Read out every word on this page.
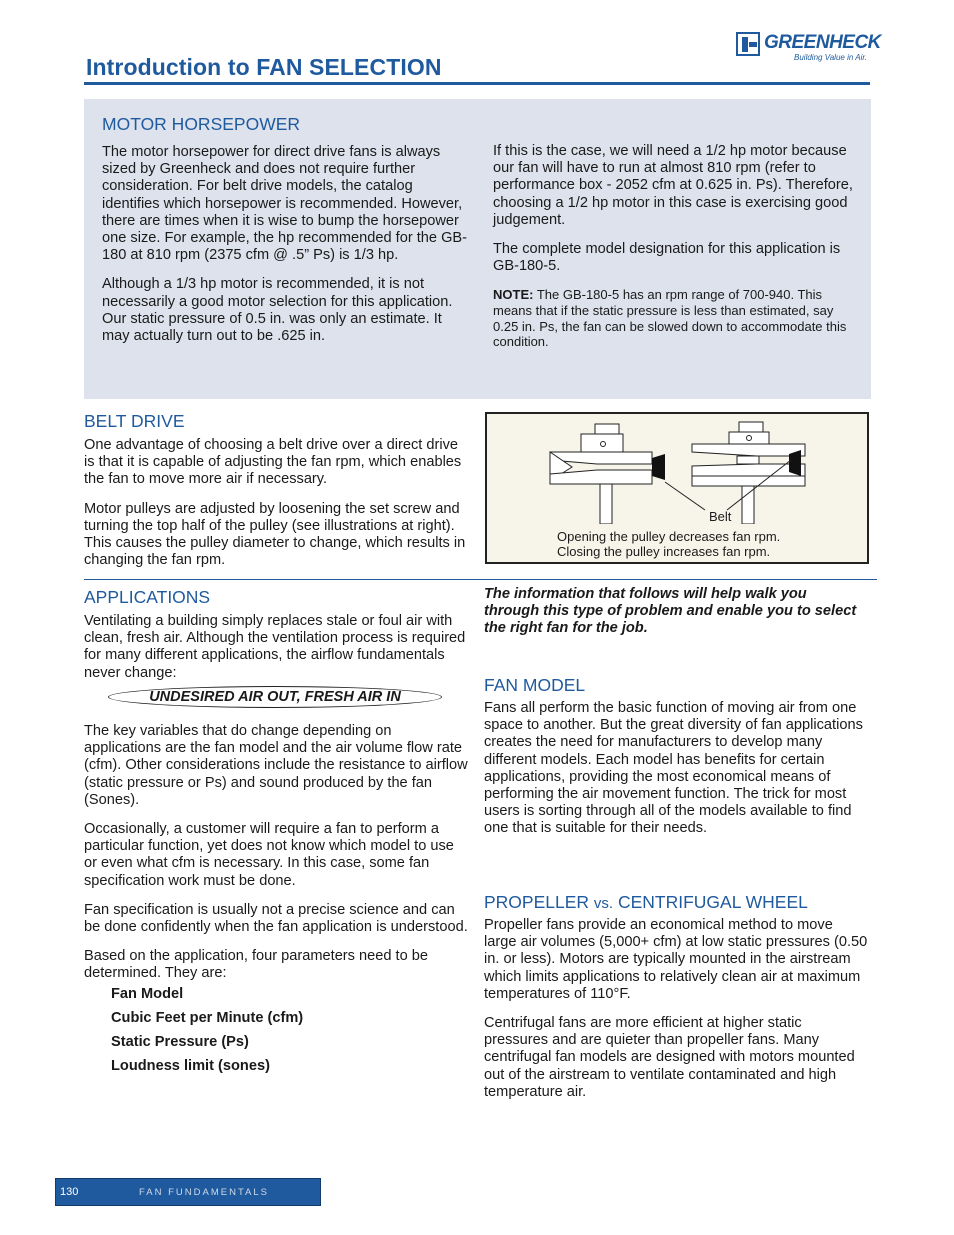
Introduction to FAN SELECTION
GREENHECK
Building Value in Air.
MOTOR HORSEPOWER

The motor horsepower for direct drive fans is always sized by Greenheck and does not require further consideration. For belt drive models, the catalog identifies which horsepower is recommended. However, there are times when it is wise to bump the horsepower one size. For example, the hp recommended for the GB-180 at 810 rpm (2375 cfm @ .5” Ps) is 1/3 hp.

Although a 1/3 hp motor is recommended, it is not necessarily a good motor selection for this application. Our static pressure of 0.5 in. was only an estimate. It may actually turn out to be .625 in.

If this is the case, we will need a 1/2 hp motor because our fan will have to run at almost 810 rpm (refer to performance box - 2052 cfm at 0.625 in. Ps). Therefore, choosing a 1/2 hp motor in this case is exercising good judgement.

The complete model designation for this application is GB-180-5.

NOTE: The GB-180-5 has an rpm range of 700-940. This means that if the static pressure is less than estimated, say 0.25 in. Ps, the fan can be slowed down to accommodate this condition.

BELT DRIVE

One advantage of choosing a belt drive over a direct drive is that it is capable of adjusting the fan rpm, which enables the fan to move more air if necessary.

Motor pulleys are adjusted by loosening the set screw and turning the top half of the pulley (see illustrations at right). This causes the pulley diameter to change, which results in changing the fan rpm.

Belt
Opening the pulley decreases fan rpm.
Closing the pulley increases fan rpm.
APPLICATIONS

Ventilating a building simply replaces stale or foul air with clean, fresh air. Although the ventilation process is required for many different applications, the airflow fundamentals never change:

UNDESIRED AIR OUT, FRESH AIR IN

The key variables that do change depending on applications are the fan model and the air volume flow rate (cfm). Other considerations include the resistance to airflow (static pressure or Ps) and sound produced by the fan (Sones).

Occasionally, a customer will require a fan to perform a particular function, yet does not know which model to use or even what cfm is necessary. In this case, some fan specification work must be done.

Fan specification is usually not a precise science and can be done confidently when the fan application is understood.

Based on the application, four parameters need to be determined. They are:

Fan Model

Cubic Feet per Minute (cfm)

Static Pressure (Ps)

Loudness limit (sones)

The information that follows will help walk you through this type of problem and enable you to select the right fan for the job.
FAN MODEL

Fans all perform the basic function of moving air from one space to another. But the great diversity of fan applications creates the need for manufacturers to develop many different models. Each model has benefits for certain applications, providing the most economical means of performing the air movement function. The trick for most users is sorting through all of the models available to find one that is suitable for their needs.

PROPELLER vs. CENTRIFUGAL WHEEL

Propeller fans provide an economical method to move large air volumes (5,000+ cfm) at low static pressures (0.50 in. or less). Motors are typically mounted in the airstream which limits applications to relatively clean air at maximum temperatures of 110°F.

Centrifugal fans are more efficient at higher static pressures and are quieter than propeller fans. Many centrifugal fan models are designed with motors mounted out of the airstream to ventilate contaminated and high temperature air.

130	FAN FUNDAMENTALS
